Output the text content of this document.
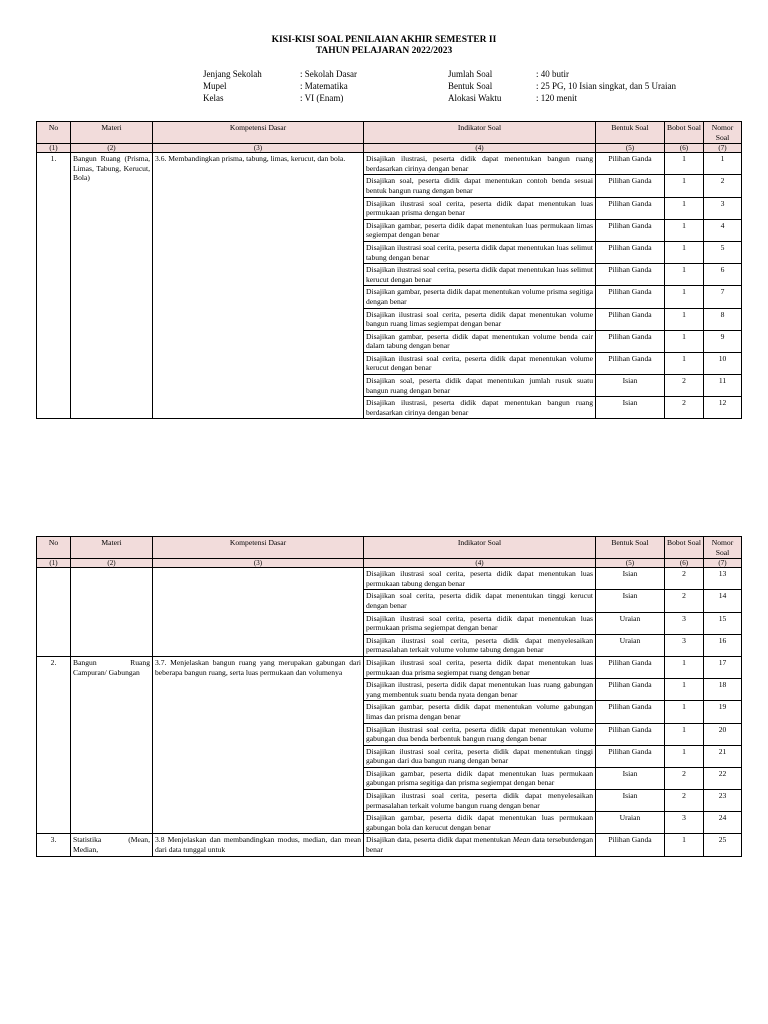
KISI-KISI SOAL PENILAIAN AKHIR SEMESTER II
TAHUN PELAJARAN 2022/2023
Jenjang Sekolah	: Sekolah Dasar
Mupel	: Matematika
Kelas	: VI (Enam)
Jumlah Soal	: 40 butir
Bentuk Soal	: 25 PG, 10 Isian singkat, dan 5 Uraian
Alokasi Waktu	: 120 menit
No	Materi	Kompetensi Dasar	Indikator Soal	Bentuk Soal	Bobot Soal	Nomor Soal
(1)	(2)	(3)	(4)	(5)	(6)	(7)
1.	Bangun Ruang (Prisma, Limas, Tabung, Kerucut, Bola)	3.6. Membandingkan prisma, tabung, limas, kerucut, dan bola.	Disajikan ilustrasi, peserta didik dapat menentukan bangun ruang berdasarkan cirinya dengan benar	Pilihan Ganda	1	1
			Disajikan soal, peserta didik dapat menentukan contoh benda sesuai bentuk bangun ruang dengan benar	Pilihan Ganda	1	2
			Disajikan ilustrasi soal cerita, peserta didik dapat menentukan luas permukaan prisma dengan benar	Pilihan Ganda	1	3
			Disajikan gambar, peserta didik dapat menentukan luas permukaan limas segiempat dengan benar	Pilihan Ganda	1	4
			Disajikan ilustrasi soal cerita, peserta didik dapat menentukan luas selimut tabung dengan benar	Pilihan Ganda	1	5
			Disajikan ilustrasi soal cerita, peserta didik dapat menentukan luas selimut kerucut dengan benar	Pilihan Ganda	1	6
			Disajikan gambar, peserta didik dapat menentukan volume prisma segitiga dengan benar	Pilihan Ganda	1	7
			Disajikan ilustrasi soal cerita, peserta didik dapat menentukan volume bangun ruang limas segiempat dengan benar	Pilihan Ganda	1	8
			Disajikan gambar, peserta didik dapat menentukan volume benda cair dalam tabung dengan benar	Pilihan Ganda	1	9
			Disajikan ilustrasi soal cerita, peserta didik dapat menentukan volume kerucut dengan benar	Pilihan Ganda	1	10
			Disajikan soal, peserta didik dapat menentukan jumlah rusuk suatu bangun ruang dengan benar	Isian	2	11
			Disajikan ilustrasi, peserta didik dapat menentukan bangun ruang berdasarkan cirinya dengan benar	Isian	2	12
No	Materi	Kompetensi Dasar	Indikator Soal	Bentuk Soal	Bobot Soal	Nomor Soal
(1)	(2)	(3)	(4)	(5)	(6)	(7)
			Disajikan ilustrasi soal cerita, peserta didik dapat menentukan luas permukaan tabung dengan benar	Isian	2	13
			Disajikan soal cerita, peserta didik dapat menentukan tinggi kerucut dengan benar	Isian	2	14
			Disajikan ilustrasi soal cerita, peserta didik dapat menentukan luas permukaan prisma segiempat dengan benar	Uraian	3	15
			Disajikan ilustrasi soal cerita, peserta didik dapat menyelesaikan permasalahan terkait volume volume tabung dengan benar	Uraian	3	16
2.	Bangun Ruang Campuran/ Gabungan	3.7. Menjelaskan bangun ruang yang merupakan gabungan dari beberapa bangun ruang, serta luas permukaan dan volumenya	Disajikan ilustrasi soal cerita, peserta didik dapat menentukan luas permukaan dua prisma segiempat ruang dengan benar	Pilihan Ganda	1	17
			Disajikan ilustrasi, peserta didik dapat menentukan luas ruang gabungan yang membentuk suatu benda nyata dengan benar	Pilihan Ganda	1	18
			Disajikan gambar, peserta didik dapat menentukan volume gabungan limas dan prisma dengan benar	Pilihan Ganda	1	19
			Disajikan ilustrasi soal cerita, peserta didik dapat menentukan volume gabungan dua benda berbentuk bangun ruang dengan benar	Pilihan Ganda	1	20
			Disajikan ilustrasi soal cerita, peserta didik dapat menentukan tinggi gabungan dari dua bangun ruang dengan benar	Pilihan Ganda	1	21
			Disajikan gambar, peserta didik dapat menentukan luas permukaan gabungan prisma segitiga dan prisma segiempat dengan benar	Isian	2	22
			Disajikan ilustrasi soal cerita, peserta didik dapat menyelesaikan permasalahan terkait volume bangun ruang dengan benar	Isian	2	23
			Disajikan gambar, peserta didik dapat menentukan luas permukaan gabungan bola dan kerucut dengan benar	Uraian	3	24
3.	Statistika (Mean, Median,	3.8 Menjelaskan dan membandingkan modus, median, dan mean dari data tunggal untuk	Disajikan data, peserta didik dapat menentukan Mean data tersebutdengan benar	Pilihan Ganda	1	25
